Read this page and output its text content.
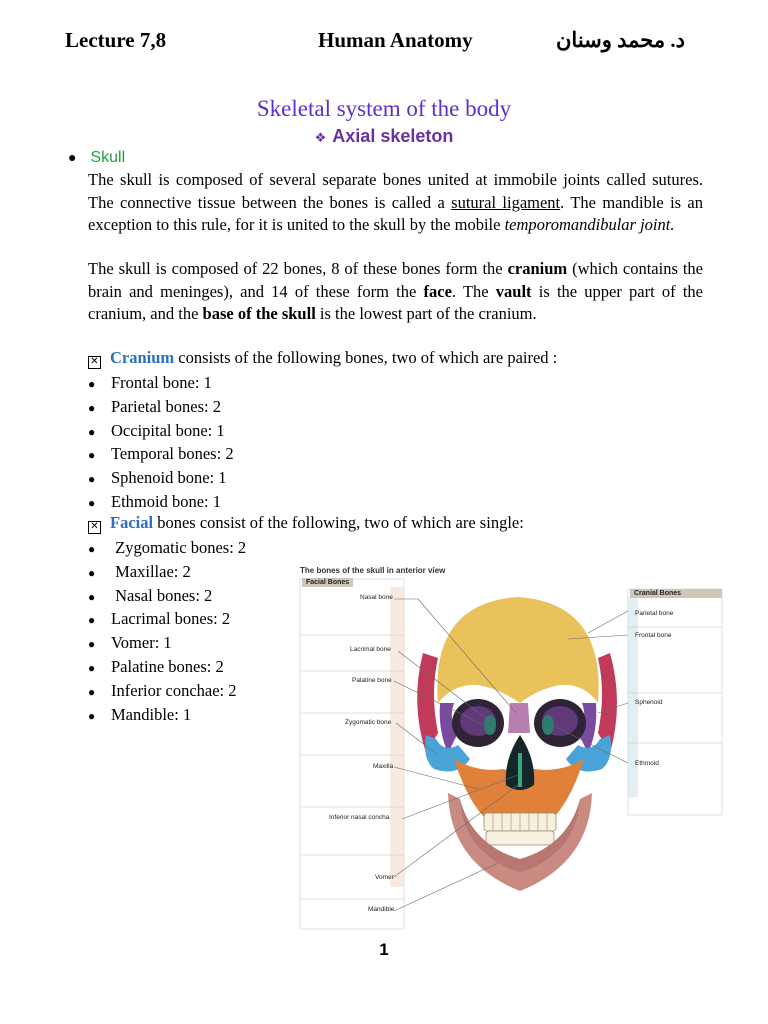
Lecture 7,8	Human Anatomy	د. محمد وسنان
Skeletal system of the body
❖ Axial skeleton
● Skull
The skull is composed of several separate bones united at immobile joints called sutures. The connective tissue between the bones is called a sutural ligament. The mandible is an exception to this rule, for it is united to the skull by the mobile temporomandibular joint.
The skull is composed of 22 bones, 8 of these bones form the cranium (which contains the brain and meninges), and 14 of these form the face. The vault is the upper part of the cranium, and the base of the skull is the lowest part of the cranium.
✕ Cranium consists of the following bones, two of which are paired :
● Frontal bone: 1
● Parietal bones: 2
● Occipital bone: 1
● Temporal bones: 2
● Sphenoid bone: 1
● Ethmoid bone: 1
✕ Facial bones consist of the following, two of which are single:
● Zygomatic bones: 2
● Maxillae: 2
● Nasal bones: 2
● Lacrimal bones: 2
● Vomer: 1
● Palatine bones: 2
● Inferior conchae: 2
● Mandible: 1
The bones of the skull in anterior view
Facial Bones
Cranial Bones
Nasal bone
Lacrimal bone
Palatine bone
Zygomatic bone
Maxilla
Inferior nasal concha
Vomer
Mandible
Parietal bone
Frontal bone
Sphenoid
Ethmoid
1
